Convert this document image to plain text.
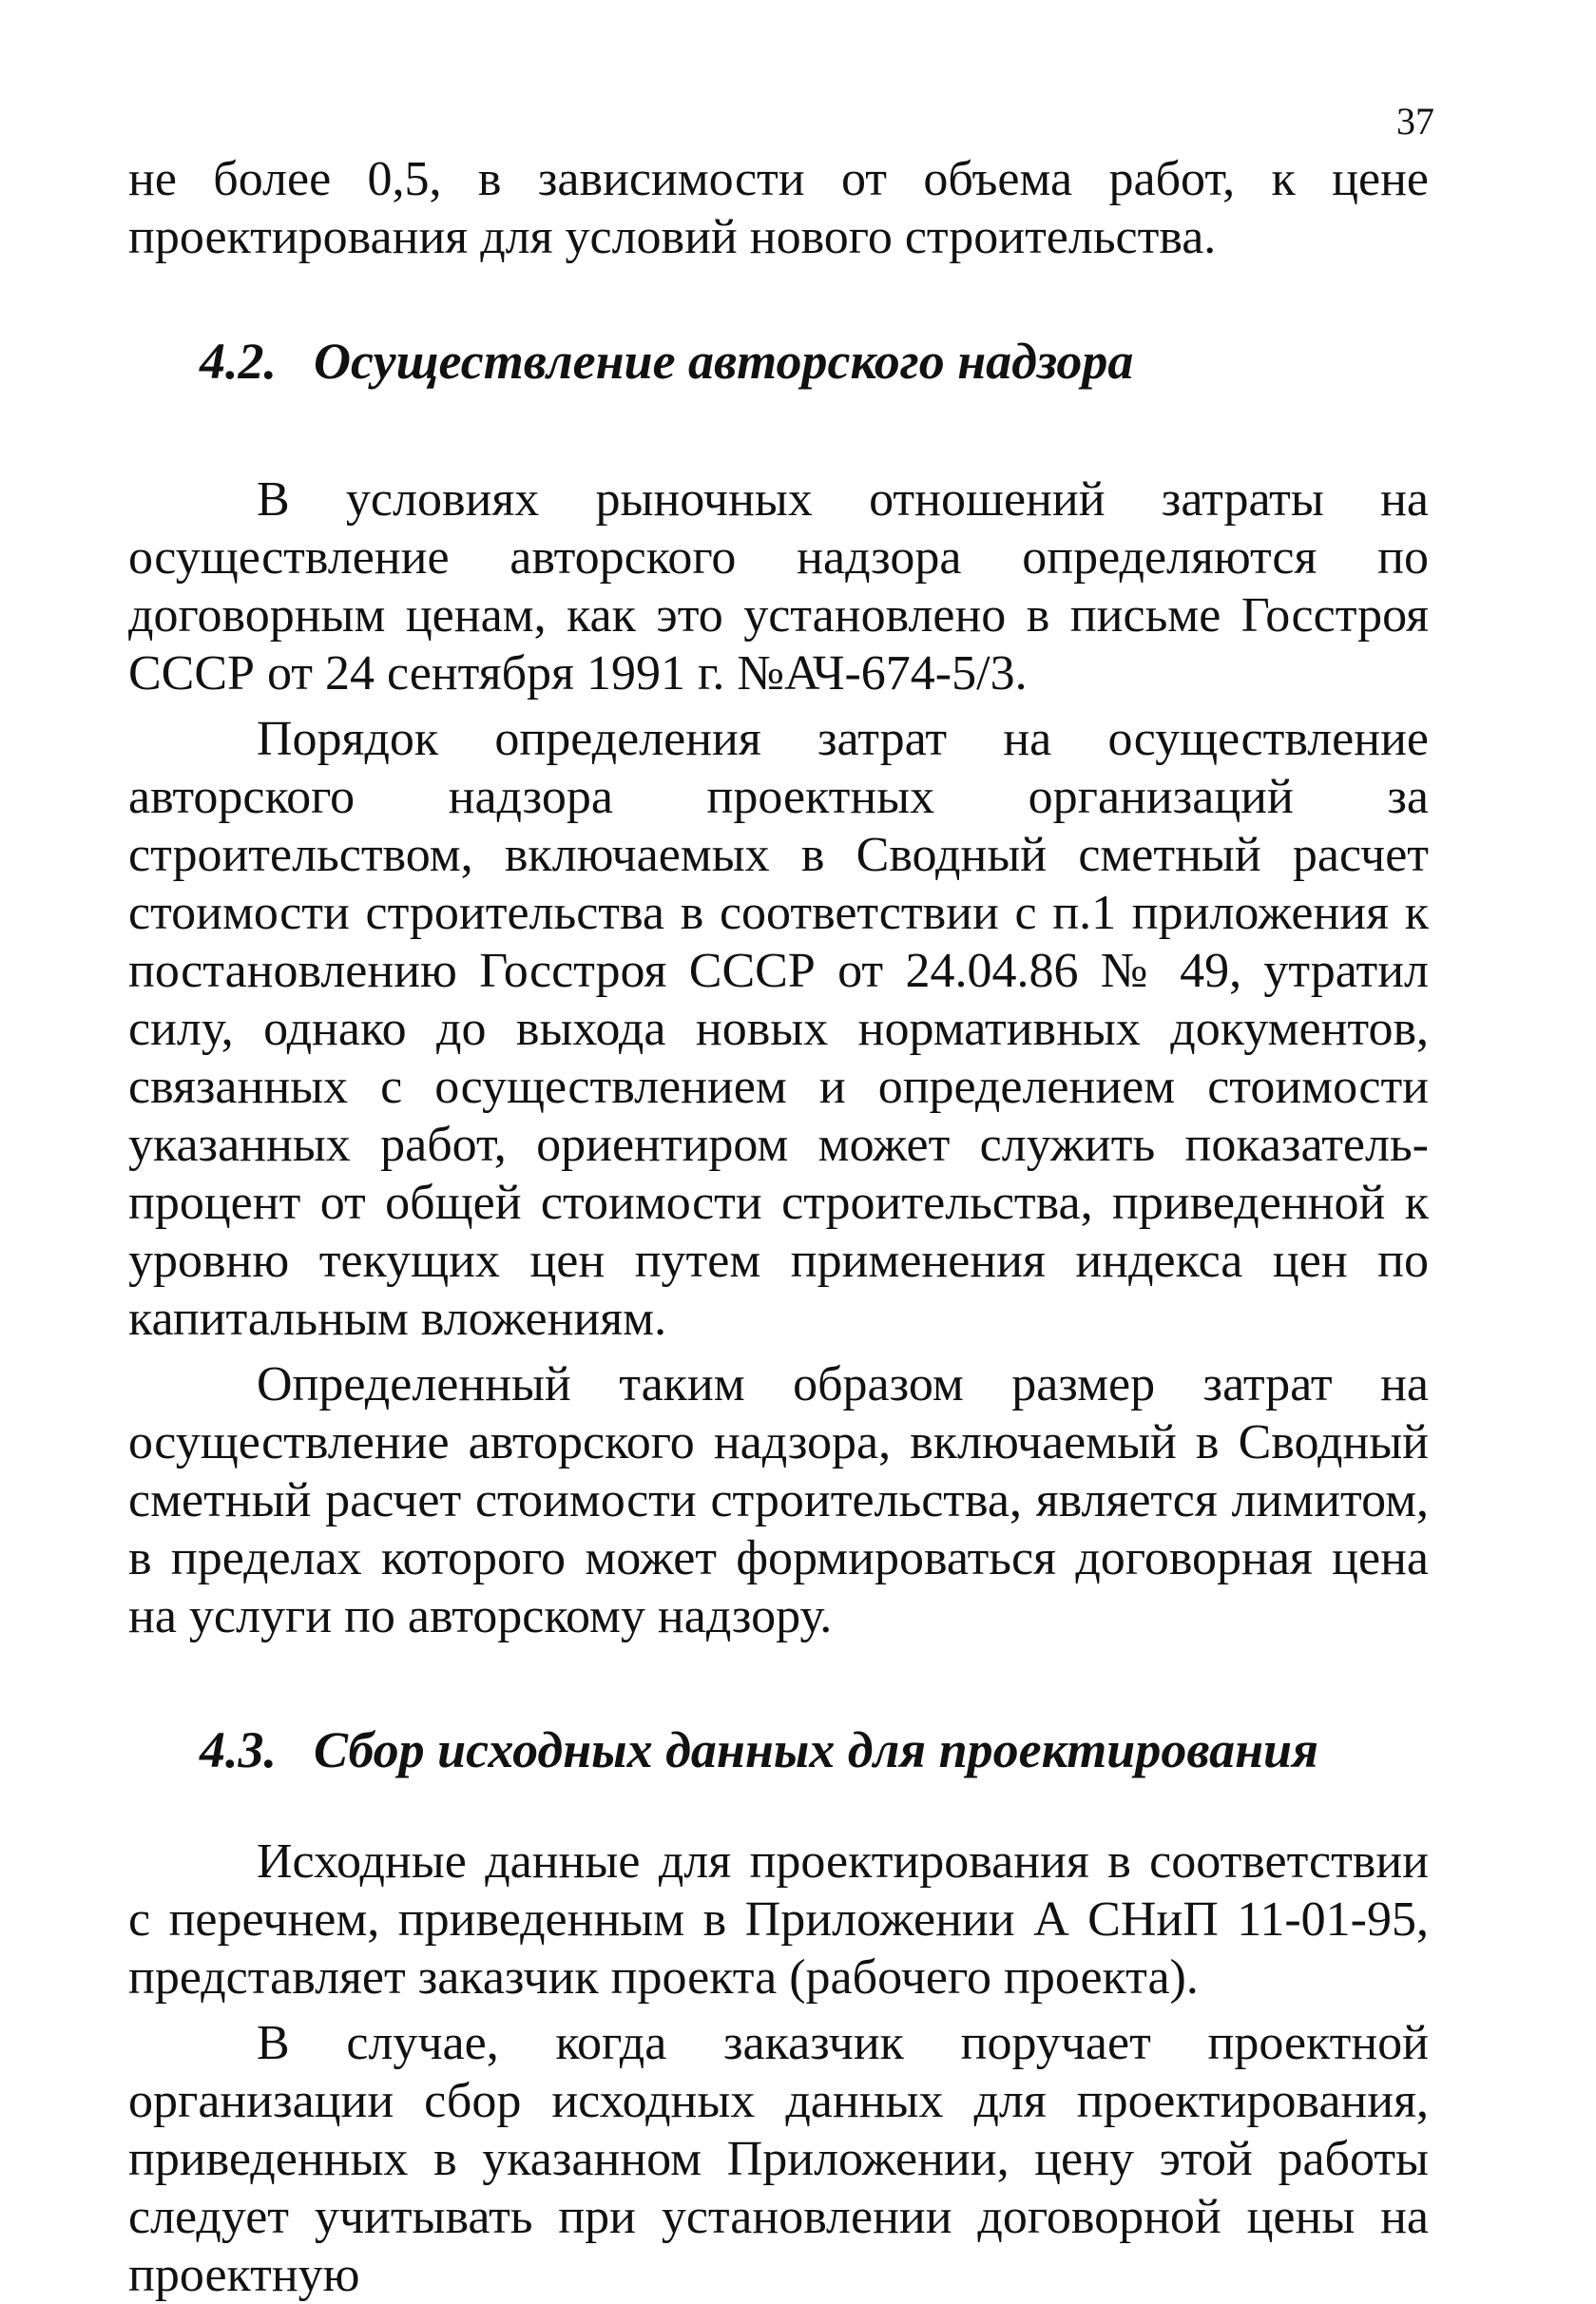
37

не более 0,5, в зависимости от объема работ, к цене проектирования для условий нового строительства.

4.2. Осуществление авторского надзора

В условиях рыночных отношений затраты на осуществление авторского надзора определяются по договорным ценам, как это установлено в письме Госстроя СССР от 24 сентября 1991 г. №АЧ-674-5/3.

Порядок определения затрат на осуществление авторского надзора проектных организаций за строительством, включаемых в Сводный сметный расчет стоимости строительства в соответствии с п.1 приложения к постановлению Госстроя СССР от 24.04.86 № 49, утратил силу, однако до выхода новых нормативных документов, связанных с осуществлением и определением стоимости указанных работ, ориентиром может служить показатель-процент от общей стоимости строительства, приведенной к уровню текущих цен путем применения индекса цен по капитальным вложениям.

Определенный таким образом размер затрат на осуществление авторского надзора, включаемый в Сводный сметный расчет стоимости строительства, является лимитом, в пределах которого может формироваться договорная цена на услуги по авторскому надзору.

4.3. Сбор исходных данных для проектирования

Исходные данные для проектирования в соответствии с перечнем, приведенным в Приложении А СНиП 11-01-95, представляет заказчик проекта (рабочего проекта).

В случае, когда заказчик поручает проектной организации сбор исходных данных для проектирования, приведенных в указанном Приложении, цену этой работы следует учитывать при установлении договорной цены на проектную
